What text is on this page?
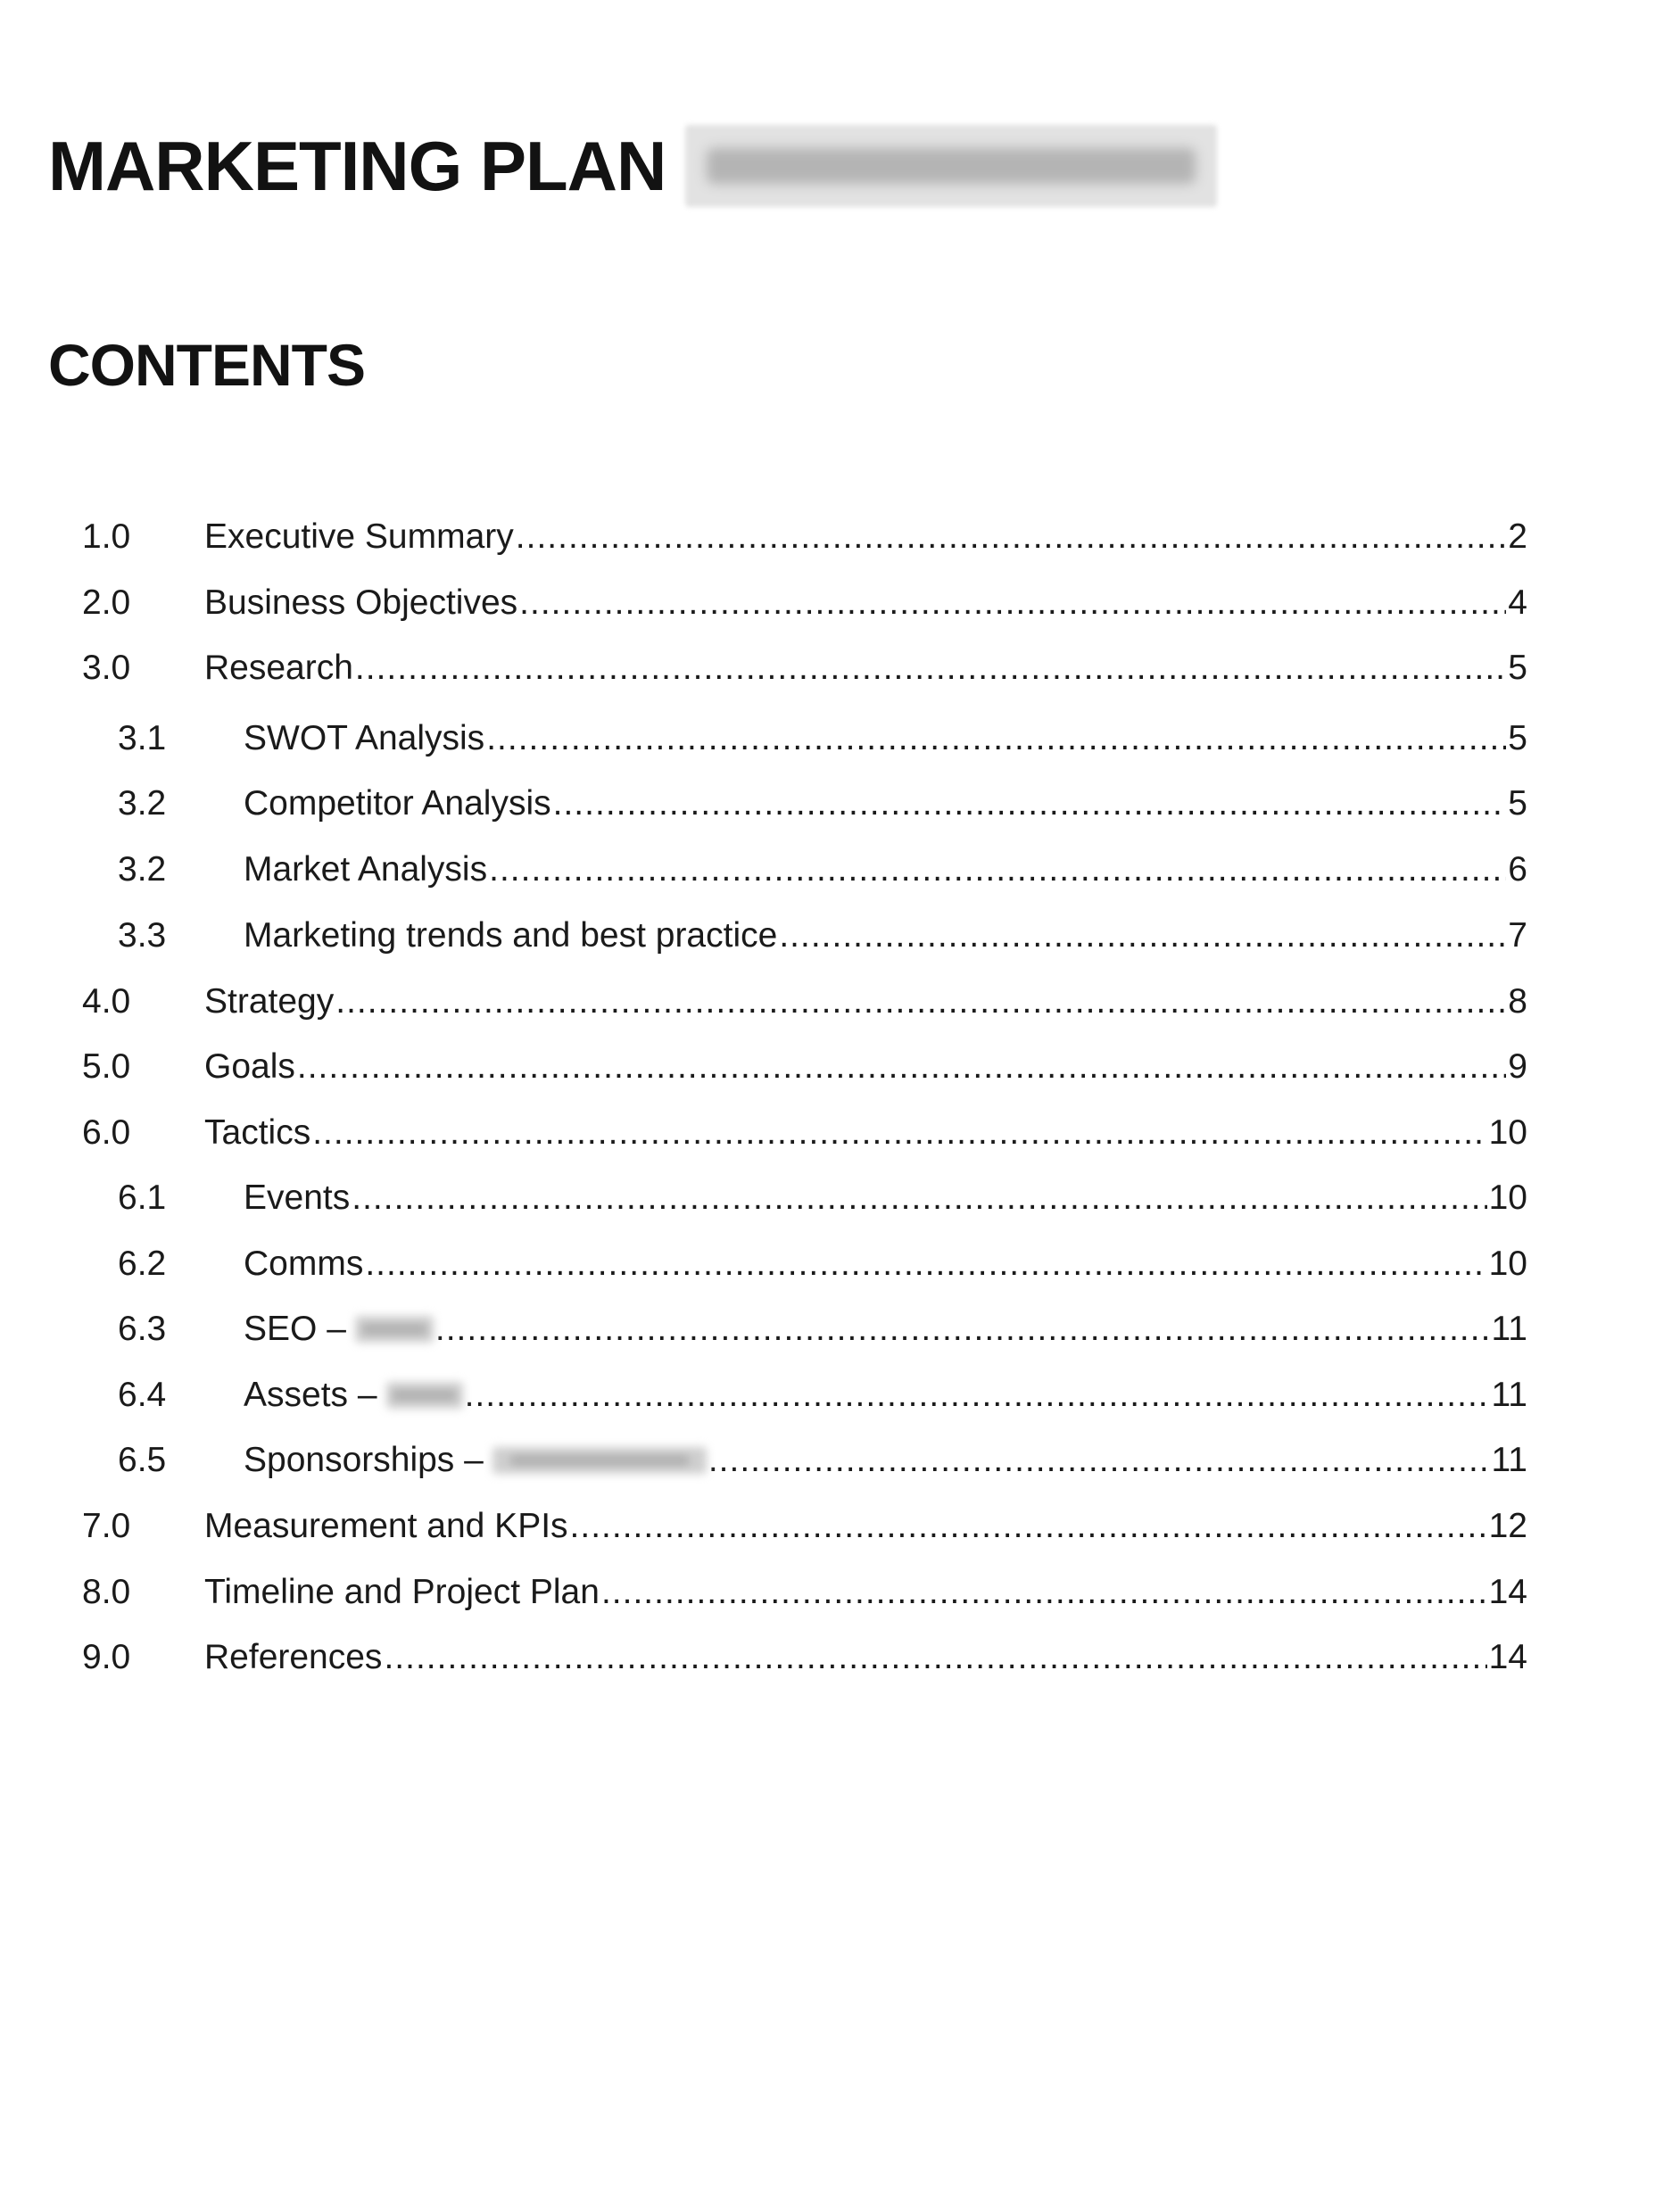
MARKETING PLAN
CONTENTS
1.0 Executive Summary .....	2
2.0 Business Objectives .....	4
3.0 Research .....	5
3.1 SWOT Analysis .....	5
3.2 Competitor Analysis .....	5
3.2 Market Analysis .....	6
3.3 Marketing trends and best practice .....	7
4.0 Strategy .....	8
5.0 Goals .....	9
6.0 Tactics .....	10
6.1 Events .....	10
6.2 Comms .....	10
6.3 SEO – .....	11
6.4 Assets – .....	11
6.5 Sponsorships – .....	11
7.0 Measurement and KPIs .....	12
8.0 Timeline and Project Plan .....	14
9.0 References .....	14
